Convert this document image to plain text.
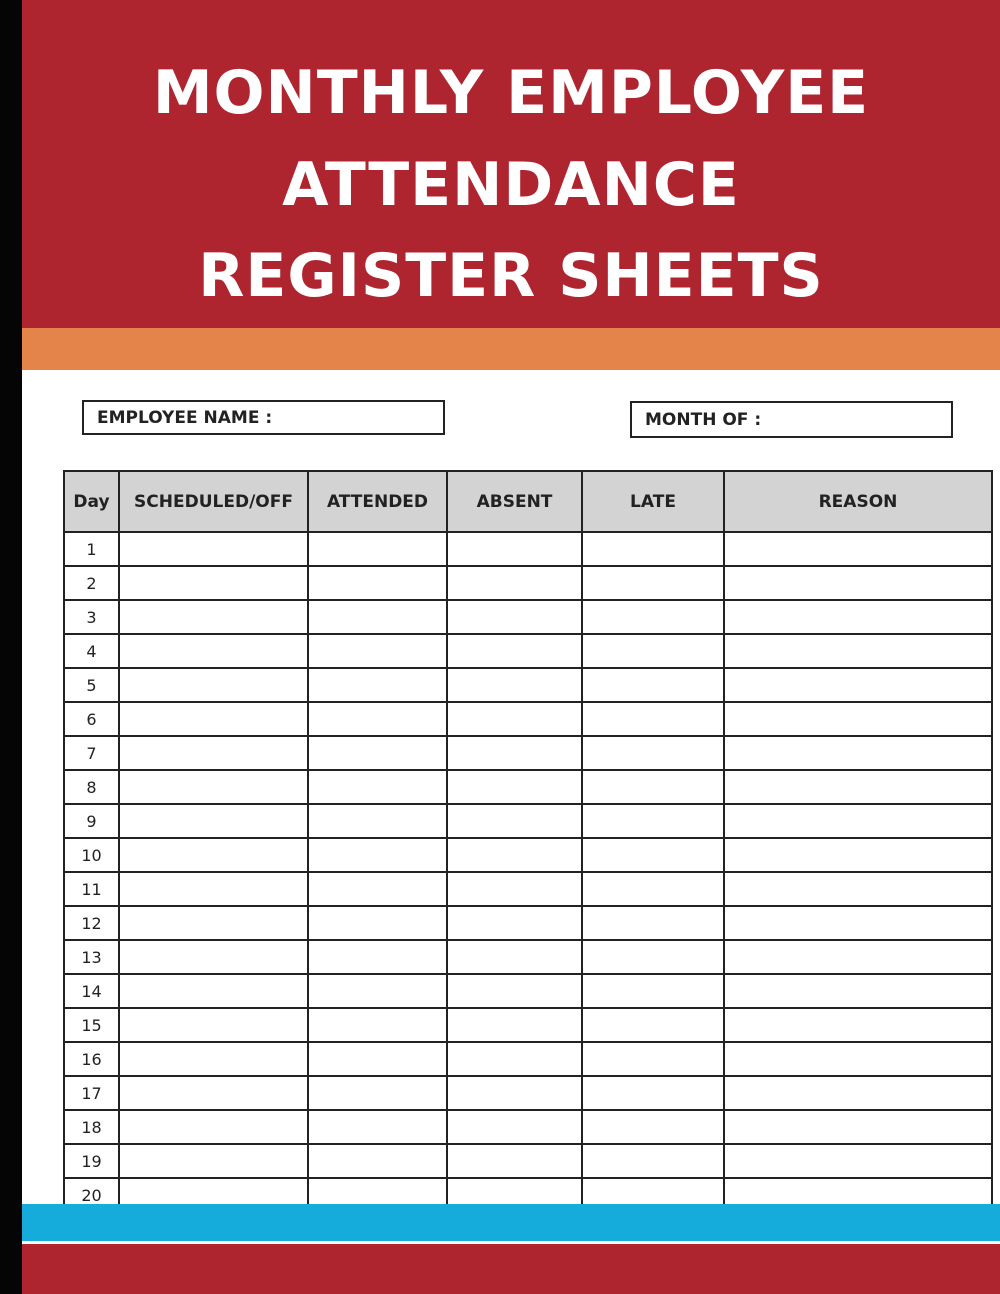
MONTHLY EMPLOYEE
ATTENDANCE
REGISTER SHEETS
EMPLOYEE NAME :	MONTH OF :
Day	SCHEDULED/OFF	ATTENDED	ABSENT	LATE	REASON
1					
2					
3					
4					
5					
6					
7					
8					
9					
10					
11					
12					
13					
14					
15					
16					
17					
18					
19					
20					
